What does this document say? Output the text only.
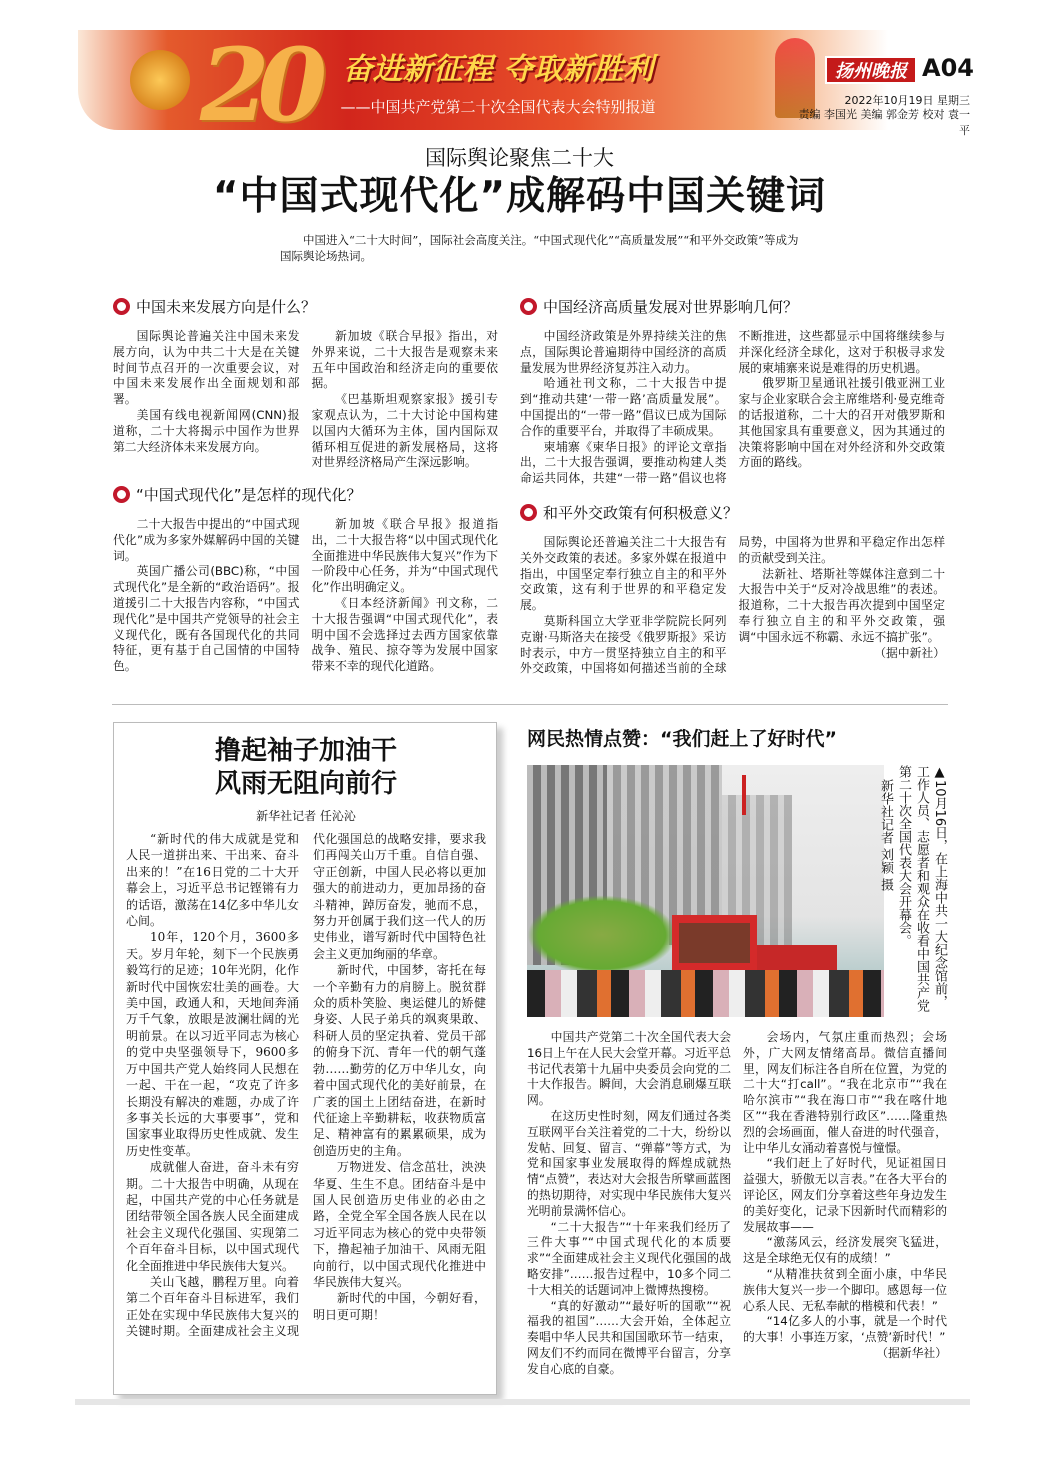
20 奋进新征程 夺取新胜利
——中国共产党第二十次全国代表大会特别报道
扬州晚报 A04
2022年10月19日 星期三
责编 李国光 美编 郭金芳 校对 袁一平
国际舆论聚焦二十大
“中国式现代化”成解码中国关键词
中国进入“二十大时间”，国际社会高度关注。“中国式现代化”“高质量发展”“和平外交政策”等成为国际舆论场热词。
中国未来发展方向是什么？

国际舆论普遍关注中国未来发展方向，认为中共二十大是在关键时间节点召开的一次重要会议，对中国未来发展作出全面规划和部署。

美国有线电视新闻网(CNN)报道称，二十大将揭示中国作为世界第二大经济体未来发展方向。

新加坡《联合早报》指出，对外界来说，二十大报告是观察未来五年中国政治和经济走向的重要依据。

《巴基斯坦观察家报》援引专家观点认为，二十大讨论中国构建以国内大循环为主体，国内国际双循环相互促进的新发展格局，这将对世界经济格局产生深远影响。

“中国式现代化”是怎样的现代化？

二十大报告中提出的“中国式现代化”成为多家外媒解码中国的关键词。

英国广播公司(BBC)称，“中国式现代化”是全新的“政治语码”。报道援引二十大报告内容称，“中国式现代化”是中国共产党领导的社会主义现代化，既有各国现代化的共同特征，更有基于自己国情的中国特色。

新加坡《联合早报》报道指出，二十大报告将“以中国式现代化全面推进中华民族伟大复兴”作为下一阶段中心任务，并为“中国式现代化”作出明确定义。

《日本经济新闻》刊文称，二十大报告强调“中国式现代化”，表明中国不会选择过去西方国家依靠战争、殖民、掠夺等为发展中国家带来不幸的现代化道路。

中国经济高质量发展对世界影响几何？

中国经济政策是外界持续关注的焦点，国际舆论普遍期待中国经济的高质量发展为世界经济复苏注入动力。

哈通社刊文称，二十大报告中提到“推动共建‘一带一路’高质量发展”。中国提出的“一带一路”倡议已成为国际合作的重要平台，并取得了丰硕成果。

柬埔寨《柬华日报》的评论文章指出，二十大报告强调，要推动构建人类命运共同体，共建“一带一路”倡议也将不断推进，这些都显示中国将继续参与并深化经济全球化，这对于积极寻求发展的柬埔寨来说是难得的历史机遇。

俄罗斯卫星通讯社援引俄亚洲工业家与企业家联合会主席维塔利·曼克维奇的话报道称，二十大的召开对俄罗斯和其他国家具有重要意义，因为其通过的决策将影响中国在对外经济和外交政策方面的路线。

和平外交政策有何积极意义？

国际舆论还普遍关注二十大报告有关外交政策的表述。多家外媒在报道中指出，中国坚定奉行独立自主的和平外交政策，这有利于世界的和平稳定发展。

莫斯科国立大学亚非学院院长阿列克谢·马斯洛夫在接受《俄罗斯报》采访时表示，中方一贯坚持独立自主的和平外交政策，中国将如何描述当前的全球局势，中国将为世界和平稳定作出怎样的贡献受到关注。

法新社、塔斯社等媒体注意到二十大报告中关于“反对冷战思维”的表述。报道称，二十大报告再次提到中国坚定奉行独立自主的和平外交政策，强调“中国永远不称霸、永远不搞扩张”。

（据中新社）
撸起袖子加油干
风雨无阻向前行
新华社记者 任沁沁

“新时代的伟大成就是党和人民一道拼出来、干出来、奋斗出来的！”在16日党的二十大开幕会上，习近平总书记铿锵有力的话语，激荡在14亿多中华儿女心间。

10年，120个月，3600多天。岁月年轮，刻下一个民族勇毅笃行的足迹；10年光阴，化作新时代中国恢宏壮美的画卷。大美中国，政通人和，天地间奔涌万千气象，放眼是波澜壮阔的光明前景。在以习近平同志为核心的党中央坚强领导下，9600多万中国共产党人始终同人民想在一起、干在一起，“攻克了许多长期没有解决的难题，办成了许多事关长远的大事要事”，党和国家事业取得历史性成就、发生历史性变革。

成就催人奋进，奋斗未有穷期。二十大报告中明确，从现在起，中国共产党的中心任务就是团结带领全国各族人民全面建成社会主义现代化强国、实现第二个百年奋斗目标，以中国式现代化全面推进中华民族伟大复兴。

关山飞越，鹏程万里。向着第二个百年奋斗目标进军，我们正处在实现中华民族伟大复兴的关键时期。全面建成社会主义现代化强国总的战略安排，要求我们再闯关山万千重。自信自强、守正创新，中国人民必将以更加强大的前进动力，更加昂扬的奋斗精神，踔厉奋发，驰而不息，努力开创属于我们这一代人的历史伟业，谱写新时代中国特色社会主义更加绚丽的华章。

新时代，中国梦，寄托在每一个辛勤有力的肩膀上。脱贫群众的质朴笑脸、奥运健儿的矫健身姿、人民子弟兵的飒爽果敢、科研人员的坚定执着、党员干部的俯身下沉、青年一代的朝气蓬勃……勤劳的亿万中华儿女，向着中国式现代化的美好前景，在广袤的国土上团结奋进，在新时代征途上辛勤耕耘，收获物质富足、精神富有的累累硕果，成为创造历史的主角。

万物迸发、信念茁壮，泱泱华夏、生生不息。团结奋斗是中国人民创造历史伟业的必由之路，全党全军全国各族人民在以习近平同志为核心的党中央带领下，撸起袖子加油干、风雨无阻向前行，以中国式现代化推进中华民族伟大复兴。

新时代的中国，今朝好看，明日更可期！

网民热情点赞：“我们赶上了好时代”
▲10月16日，在上海中共一大纪念馆前，工作人员、志愿者和观众在收看中国共产党第二十次全国代表大会开幕会。
新华社记者 刘颖 摄

中国共产党第二十次全国代表大会16日上午在人民大会堂开幕。习近平总书记代表第十九届中央委员会向党的二十大作报告。瞬间，大会消息刷爆互联网。

在这历史性时刻，网友们通过各类互联网平台关注着党的二十大，纷纷以发帖、回复、留言、“弹幕”等方式，为党和国家事业发展取得的辉煌成就热情“点赞”，表达对大会报告所擘画蓝图的热切期待，对实现中华民族伟大复兴光明前景满怀信心。

“二十大报告”“十年来我们经历了三件大事”“中国式现代化的本质要求”“全面建成社会主义现代化强国的战略安排”……报告过程中，10多个同二十大相关的话题词冲上微博热搜榜。

“真的好激动”“最好听的国歌”“祝福我的祖国”……大会开始，全体起立奏唱中华人民共和国国歌环节一结束，网友们不约而同在微博平台留言，分享发自心底的自豪。

会场内，气氛庄重而热烈；会场外，广大网友情绪高昂。微信直播间里，网友们标注各自所在位置，为党的二十大“打call”。“我在北京市”“我在哈尔滨市”“我在海口市”“我在喀什地区”“我在香港特别行政区”……隆重热烈的会场画面，催人奋进的时代强音，让中华儿女涌动着喜悦与憧憬。

“我们赶上了好时代，见证祖国日益强大，骄傲无以言表。”在各大平台的评论区，网友们分享着这些年身边发生的美好变化，记录下因新时代而精彩的发展故事——

“激荡风云，经济发展突飞猛进，这是全球绝无仅有的成绩！”

“从精准扶贫到全面小康，中华民族伟大复兴一步一个脚印。感恩每一位心系人民、无私奉献的楷模和代表！”

“14亿多人的小事，就是一个时代的大事！小事连万家，‘点赞’新时代！”

（据新华社）
